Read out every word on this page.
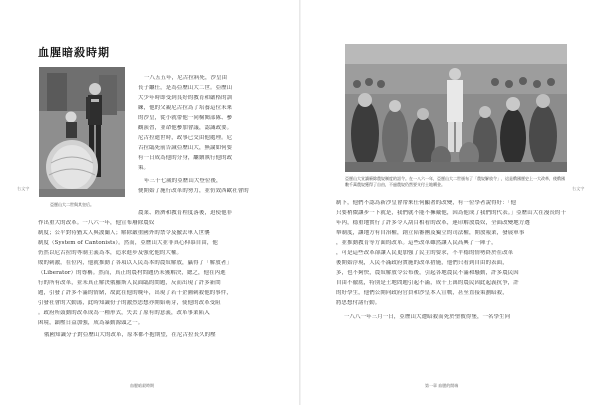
右文字
血腥暗殺時期
亞歷山大二世與其皇后。
一八五五年，尼古拉病死，沙皇由
長子繼任，是為亞歷山大二世。亞歷山
大少年時即受到良好的教育和嚴格的訓
練，他的父親尼古拉為了培養這位未來
的沙皇，從小就帶他一同檢閱部隊、參
觀演習，並命他參加會議，認識政要。
尼古拉逝世時，政事已交由他處理。尼
古拉臨死前告誡亞歷山大，無論如何要
有一日成為他的分身，繼續執行他的政
策。
年三十七歲的亞歷山大登位後，
便開始了施行改革的努力，並仿效西歐社會的
農業、經濟和教育程度落後，迫使他非
作出重大的改革。一八六一年，他宣布廢除農奴
制度；公平對待猶太人與波蘭人；解除嚴重國外的禁令及撤去軍人世襲
制度（System of Cantonists）。然而，亞歷山大並非真心仰慕自由，他
仍然以尼古拉的專制主義為本，追求進步及強化他的大權。
敗的刺激，在位內，他就推動了各項以人民為本的農奴解放，贏得了「解放者」
（Liberator）的尊稱。然而，真正的農村問題仍未獲解決，總之，他在內進
行的所有改革，並未真正解決俄羅斯人民面臨的問題，反而出現了許多新問
題，引發了許多不滿的情緒，故此在他的晚年，出現了若干企圖刺殺他的事件，
引發社會的大動蕩，此時知識份子的激烈思想亦開始萌芽，使他的改革受阻
。政府所鼓動的改革成為一種形式，失去了原有的意義，改革事業陷入
困境，鎮壓日益加強，成為暴動源頭之一。
俄國知識分子對亞歷山大的改革，原本都不抱期望，在尼古拉長久的壓
血腥暗殺時期
右文字
亞歷山大宣讀廢除農奴制度的詔令。在一八六一年，亞歷山大二世頒布了「農奴解放令」，這是俄國歷史上一大改革，使俄國數千萬農奴獲得了自由，不過農奴仍然要支付土地贖金。
制下，他們不認為新沙皇會帶來任何顯著的改變，有一位學者說得好：「他
只要稍微讓步一下就是，我們就不能不擁戴他，因為他成了我們的代表。」亞歷山大在漫長的十
年內，穩重地實行了許多令人刮目相看的改革，連印解放農奴，全面改變地方選
舉制度，讓地方有自治權，創立陪審團及獨立的司法權，開放報業，發展軍事
，並推動教育等方面的改革。這些改革雖然讓人民高興了一陣子，
，可是這些改革卻讓人民更加強了民主的要求，不平穩的情勢終於在改革
後開始浮現，人民不滿政府實施的改革措施，他們只看到自由的表面，
多，也不夠快，農奴解放令公布後，引起各地農民不滿和騷動，許多農民因
自由不徹底，特別是土地問題引起不滿，成千上萬的農民因此起義抗爭，許
的好學生，他們公開向政府官員和沙皇本人宣戰，甚至直接策劃暗殺，
將思想付諸行動。
一八八一年三月一日，亞歷山大遭暗殺而死於聖彼得堡，一名學生向
第一章 血腥的開端
